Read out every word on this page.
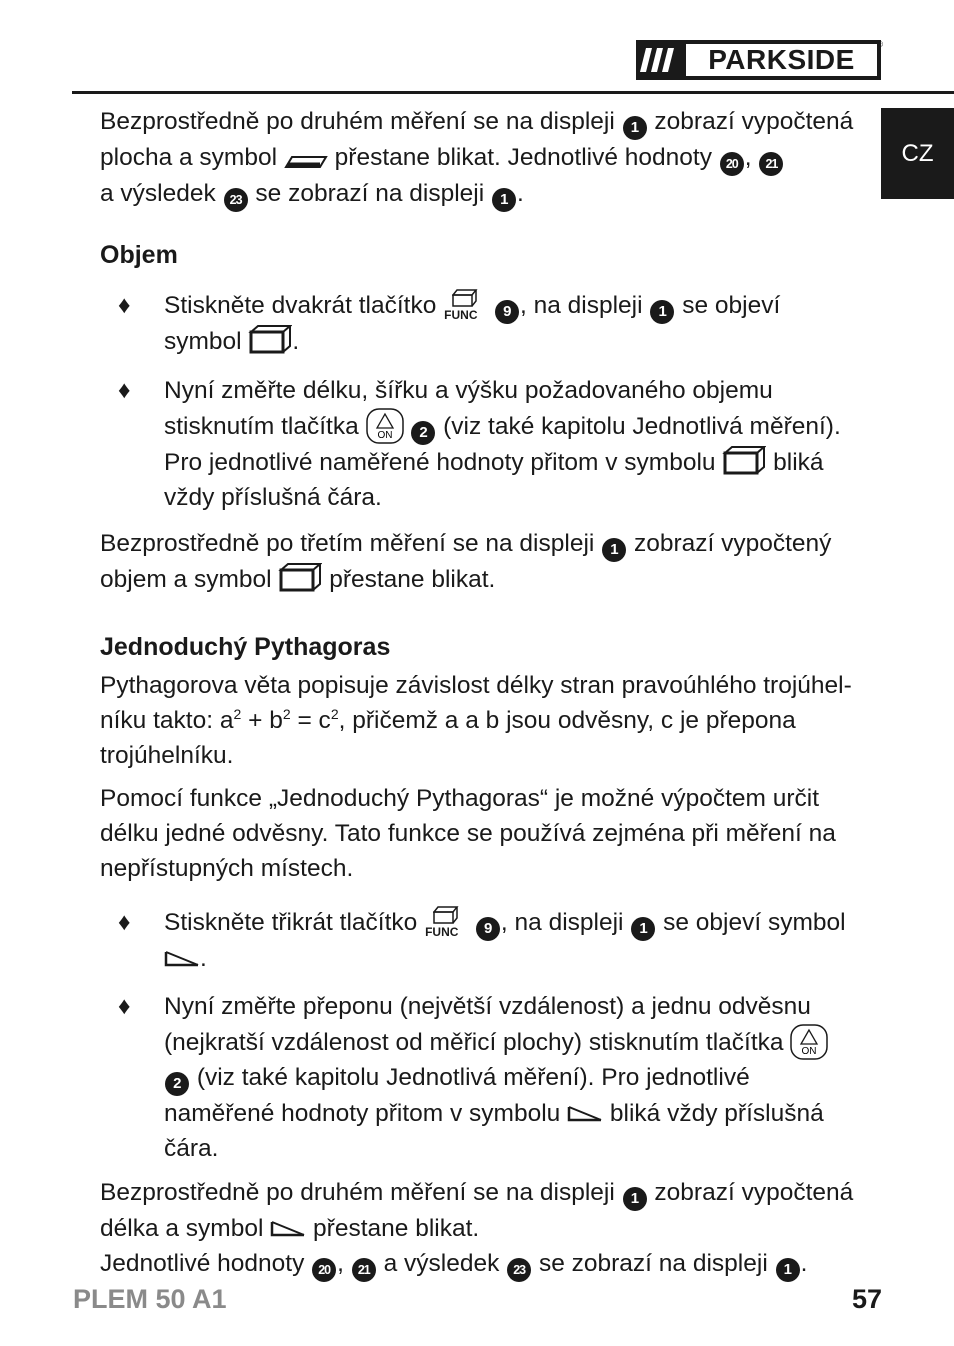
PARKSIDE	®
CZ

Bezprostředně po druhém měření se na displeji 1 zobrazí vypočtená plocha a symbol přestane blikat. Jednotlivé hodnoty 20 , 21
a výsledek 23 se zobrazí na displeji 1 .

Objem
♦ Stiskněte dvakrát tlačítko FUNC 9 , na displeji 1 se objeví symbol .
♦ Nyní změřte délku, šířku a výšku požadovaného objemu stisknutím tlačítka ON 2 (viz také kapitolu Jednotlivá měření). Pro jednotlivé naměřené hodnoty přitom v symbolu bliká vždy příslušná čára.

Bezprostředně po třetím měření se na displeji 1 zobrazí vypočtený objem a symbol přestane blikat.

Jednoduchý Pythagoras

Pythagorova věta popisuje závislost délky stran pravoúhlého trojúhelníku takto: $a^2 + b^2 = c^2$, přičemž a a b jsou odvěsny, c je přepona trojúhelníku.

Pomocí funkce „Jednoduchý Pythagoras“ je možné výpočtem určit délku jedné odvěsny. Tato funkce se používá zejména při měření na nepřístupných místech.

♦ Stiskněte třikrát tlačítko FUNC 9 , na displeji 1 se objeví symbol
.
♦ Nyní změřte přeponu (největší vzdálenost) a jednu odvěsnu (nejkratší vzdálenost od měřicí plochy) stisknutím tlačítka ON
2 (viz také kapitolu Jednotlivá měření). Pro jednotlivé naměřené hodnoty přitom v symbolu bliká vždy příslušná čára.

Bezprostředně po druhém měření se na displeji 1 zobrazí vypočtená délka a symbol přestane blikat.

Jednotlivé hodnoty 20 , 21 a výsledek 23 se zobrazí na displeji 1 .

PLEM 50 A1	57
